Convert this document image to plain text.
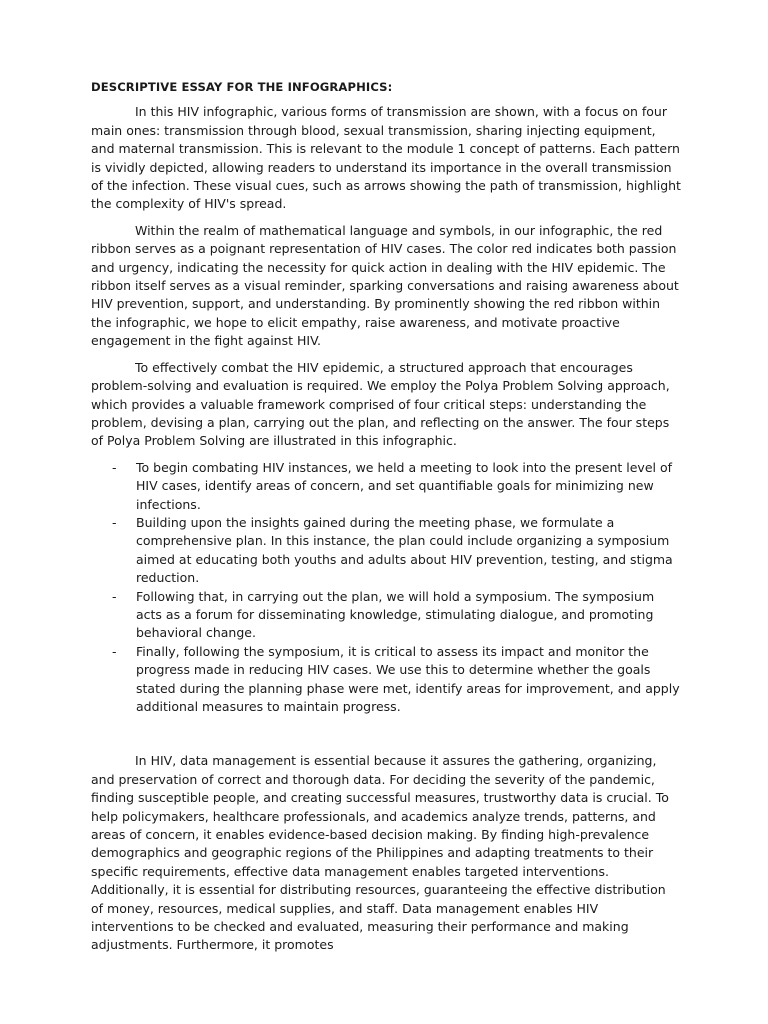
DESCRIPTIVE ESSAY FOR THE INFOGRAPHICS:

In this HIV infographic, various forms of transmission are shown, with a focus on four main ones: transmission through blood, sexual transmission, sharing injecting equipment, and maternal transmission. This is relevant to the module 1 concept of patterns. Each pattern is vividly depicted, allowing readers to understand its importance in the overall transmission of the infection. These visual cues, such as arrows showing the path of transmission, highlight the complexity of HIV's spread.

Within the realm of mathematical language and symbols, in our infographic, the red ribbon serves as a poignant representation of HIV cases. The color red indicates both passion and urgency, indicating the necessity for quick action in dealing with the HIV epidemic. The ribbon itself serves as a visual reminder, sparking conversations and raising awareness about HIV prevention, support, and understanding. By prominently showing the red ribbon within the infographic, we hope to elicit empathy, raise awareness, and motivate proactive engagement in the fight against HIV.

To effectively combat the HIV epidemic, a structured approach that encourages problem-solving and evaluation is required. We employ the Polya Problem Solving approach, which provides a valuable framework comprised of four critical steps: understanding the problem, devising a plan, carrying out the plan, and reflecting on the answer. The four steps of Polya Problem Solving are illustrated in this infographic.

- To begin combating HIV instances, we held a meeting to look into the present level of HIV cases, identify areas of concern, and set quantifiable goals for minimizing new infections.
- Building upon the insights gained during the meeting phase, we formulate a comprehensive plan. In this instance, the plan could include organizing a symposium aimed at educating both youths and adults about HIV prevention, testing, and stigma reduction.
- Following that, in carrying out the plan, we will hold a symposium. The symposium acts as a forum for disseminating knowledge, stimulating dialogue, and promoting behavioral change.
- Finally, following the symposium, it is critical to assess its impact and monitor the progress made in reducing HIV cases. We use this to determine whether the goals stated during the planning phase were met, identify areas for improvement, and apply additional measures to maintain progress.

In HIV, data management is essential because it assures the gathering, organizing, and preservation of correct and thorough data. For deciding the severity of the pandemic, finding susceptible people, and creating successful measures, trustworthy data is crucial. To help policymakers, healthcare professionals, and academics analyze trends, patterns, and areas of concern, it enables evidence-based decision making. By finding high-prevalence demographics and geographic regions of the Philippines and adapting treatments to their specific requirements, effective data management enables targeted interventions. Additionally, it is essential for distributing resources, guaranteeing the effective distribution of money, resources, medical supplies, and staff. Data management enables HIV interventions to be checked and evaluated, measuring their performance and making adjustments. Furthermore, it promotes
